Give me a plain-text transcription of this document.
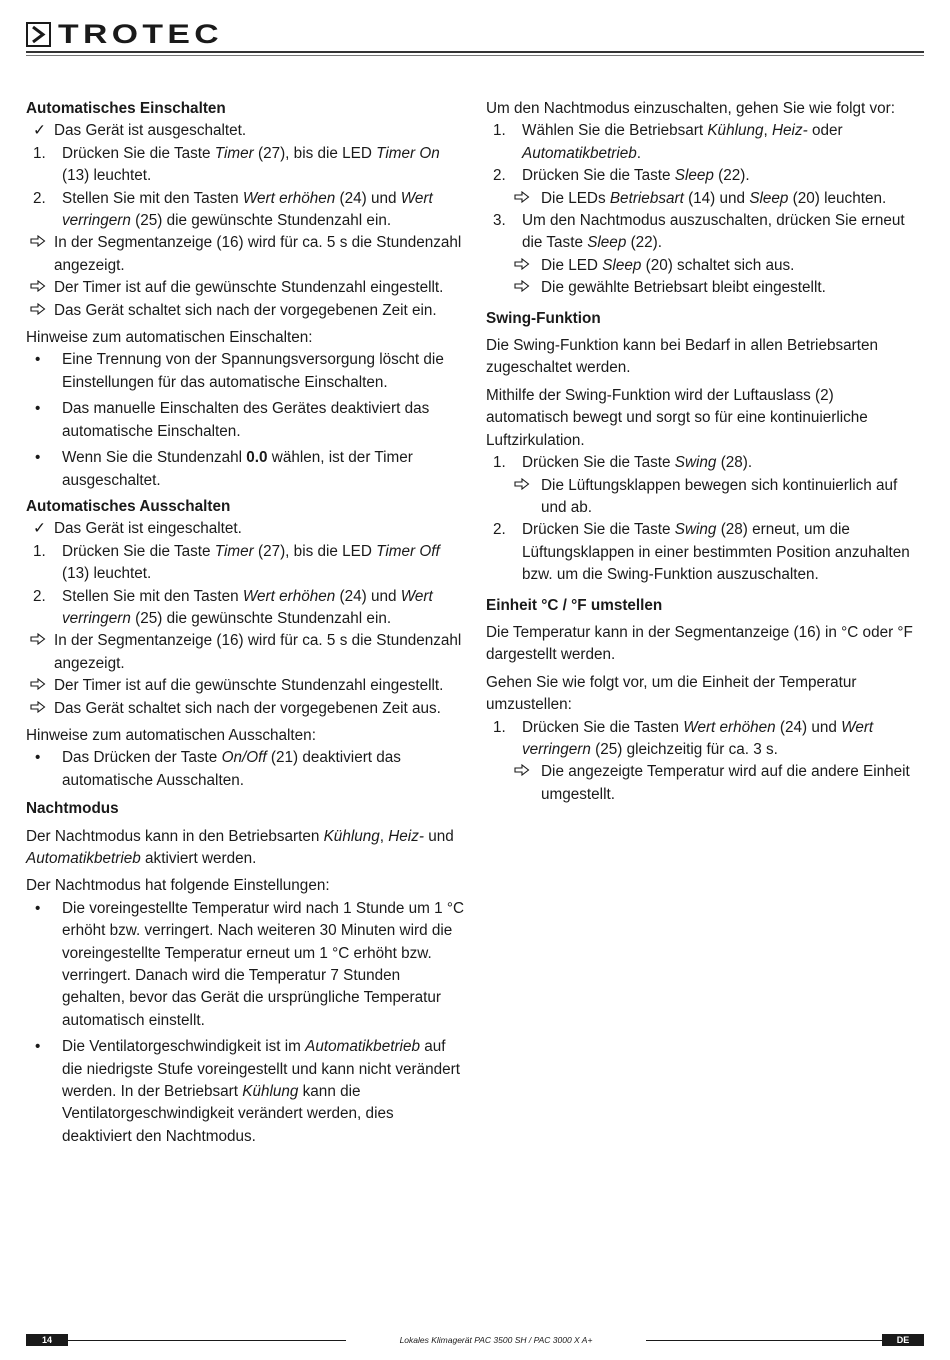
TROTEC

Automatisches Einschalten

✓ Das Gerät ist ausgeschaltet.

1. Drücken Sie die Taste Timer (27), bis die LED Timer On (13) leuchtet.

2. Stellen Sie mit den Tasten Wert erhöhen (24) und Wert verringern (25) die gewünschte Stundenzahl ein.

In der Segmentanzeige (16) wird für ca. 5 s die Stundenzahl angezeigt.

Der Timer ist auf die gewünschte Stundenzahl eingestellt.

Das Gerät schaltet sich nach der vorgegebenen Zeit ein.

Hinweise zum automatischen Einschalten:

• Eine Trennung von der Spannungsversorgung löscht die Einstellungen für das automatische Einschalten.

• Das manuelle Einschalten des Gerätes deaktiviert das automatische Einschalten.

• Wenn Sie die Stundenzahl 0.0 wählen, ist der Timer ausgeschaltet.

Automatisches Ausschalten

✓ Das Gerät ist eingeschaltet.

1. Drücken Sie die Taste Timer (27), bis die LED Timer Off (13) leuchtet.

2. Stellen Sie mit den Tasten Wert erhöhen (24) und Wert verringern (25) die gewünschte Stundenzahl ein.

In der Segmentanzeige (16) wird für ca. 5 s die Stundenzahl angezeigt.

Der Timer ist auf die gewünschte Stundenzahl eingestellt.

Das Gerät schaltet sich nach der vorgegebenen Zeit aus.

Hinweise zum automatischen Ausschalten:

• Das Drücken der Taste On/Off (21) deaktiviert das automatische Ausschalten.

Nachtmodus

Der Nachtmodus kann in den Betriebsarten Kühlung, Heiz- und Automatikbetrieb aktiviert werden.

Der Nachtmodus hat folgende Einstellungen:

• Die voreingestellte Temperatur wird nach 1 Stunde um 1 °C erhöht bzw. verringert. Nach weiteren 30 Minuten wird die voreingestellte Temperatur erneut um 1 °C erhöht bzw. verringert. Danach wird die Temperatur 7 Stunden gehalten, bevor das Gerät die ursprüngliche Temperatur automatisch einstellt.

• Die Ventilatorgeschwindigkeit ist im Automatikbetrieb auf die niedrigste Stufe voreingestellt und kann nicht verändert werden. In der Betriebsart Kühlung kann die Ventilatorgeschwindigkeit verändert werden, dies deaktiviert den Nachtmodus.

Um den Nachtmodus einzuschalten, gehen Sie wie folgt vor:

1. Wählen Sie die Betriebsart Kühlung, Heiz- oder Automatikbetrieb.

2. Drücken Sie die Taste Sleep (22).

Die LEDs Betriebsart (14) und Sleep (20) leuchten.

3. Um den Nachtmodus auszuschalten, drücken Sie erneut die Taste Sleep (22).

Die LED Sleep (20) schaltet sich aus.

Die gewählte Betriebsart bleibt eingestellt.

Swing-Funktion

Die Swing-Funktion kann bei Bedarf in allen Betriebsarten zugeschaltet werden.

Mithilfe der Swing-Funktion wird der Luftauslass (2) automatisch bewegt und sorgt so für eine kontinuierliche Luftzirkulation.

1. Drücken Sie die Taste Swing (28).

Die Lüftungsklappen bewegen sich kontinuierlich auf und ab.

2. Drücken Sie die Taste Swing (28) erneut, um die Lüftungsklappen in einer bestimmten Position anzuhalten bzw. um die Swing-Funktion auszuschalten.

Einheit °C / °F umstellen

Die Temperatur kann in der Segmentanzeige (16) in °C oder °F dargestellt werden.

Gehen Sie wie folgt vor, um die Einheit der Temperatur umzustellen:

1. Drücken Sie die Tasten Wert erhöhen (24) und Wert verringern (25) gleichzeitig für ca. 3 s.

Die angezeigte Temperatur wird auf die andere Einheit umgestellt.

14	Lokales Klimagerät PAC 3500 SH / PAC 3000 X A+	DE
